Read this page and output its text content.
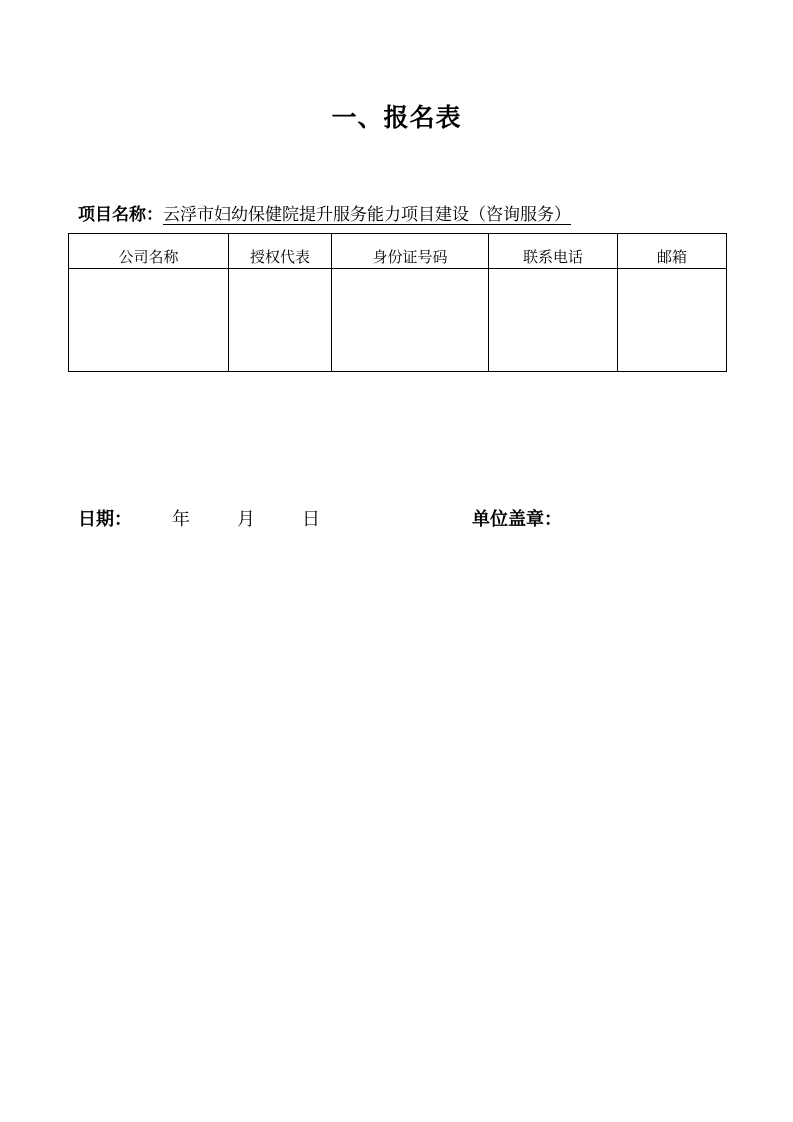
一、报名表
项目名称：云浮市妇幼保健院提升服务能力项目建设（咨询服务）
公司名称	授权代表	身份证号码	联系电话	邮箱

日期： 年	月	日	单位盖章：
